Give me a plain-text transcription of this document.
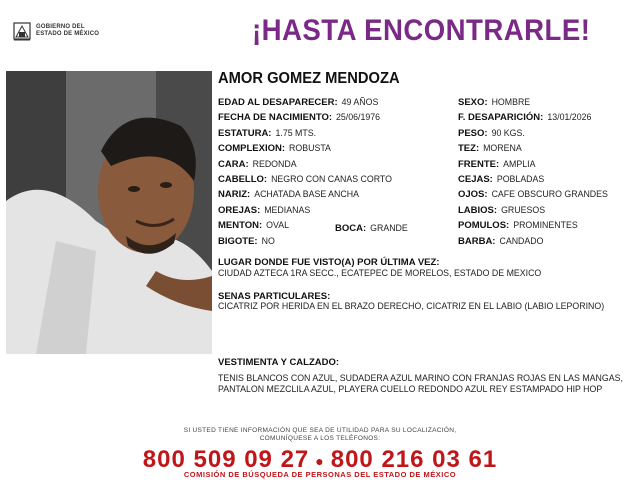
GOBIERNO DEL
ESTADO DE MÉXICO	¡HASTA ENCONTRARLE!
AMOR GOMEZ MENDOZA
EDAD AL DESAPARECER: 49 AÑOS
FECHA DE NACIMIENTO: 25/06/1976
ESTATURA: 1.75 MTS.
COMPLEXION: ROBUSTA
CARA: REDONDA
CABELLO: NEGRO CON CANAS CORTO
NARIZ: ACHATADA BASE ANCHA
OREJAS: MEDIANAS
MENTON: OVAL
BIGOTE: NO
SEXO: HOMBRE
F. DESAPARICIÓN: 13/01/2026
PESO: 90 KGS.
TEZ: MORENA
FRENTE: AMPLIA
CEJAS: POBLADAS
OJOS: CAFE OBSCURO GRANDES
LABIOS: GRUESOS
POMULOS: PROMINENTES
BARBA: CANDADO
BOCA: GRANDE
LUGAR DONDE FUE VISTO(A) POR ÚLTIMA VEZ:
CIUDAD AZTECA 1RA SECC., ECATEPEC DE MORELOS, ESTADO DE MEXICO
SENAS PARTICULARES:
CICATRIZ POR HERIDA EN EL BRAZO DERECHO, CICATRIZ EN EL LABIO (LABIO LEPORINO)
VESTIMENTA Y CALZADO:
TENIS BLANCOS CON AZUL, SUDADERA AZUL MARINO CON FRANJAS ROJAS EN LAS MANGAS, PANTALON MEZCLILA AZUL, PLAYERA CUELLO REDONDO AZUL REY ESTAMPADO HIP HOP
SI USTED TIENE INFORMACIÓN QUE SEA DE UTILIDAD PARA SU LOCALIZACIÓN,
COMUNÍQUESE A LOS TELÉFONOS:
800 509 09 27 ● 800 216 03 61
COMISIÓN DE BÚSQUEDA DE PERSONAS DEL ESTADO DE MÉXICO
